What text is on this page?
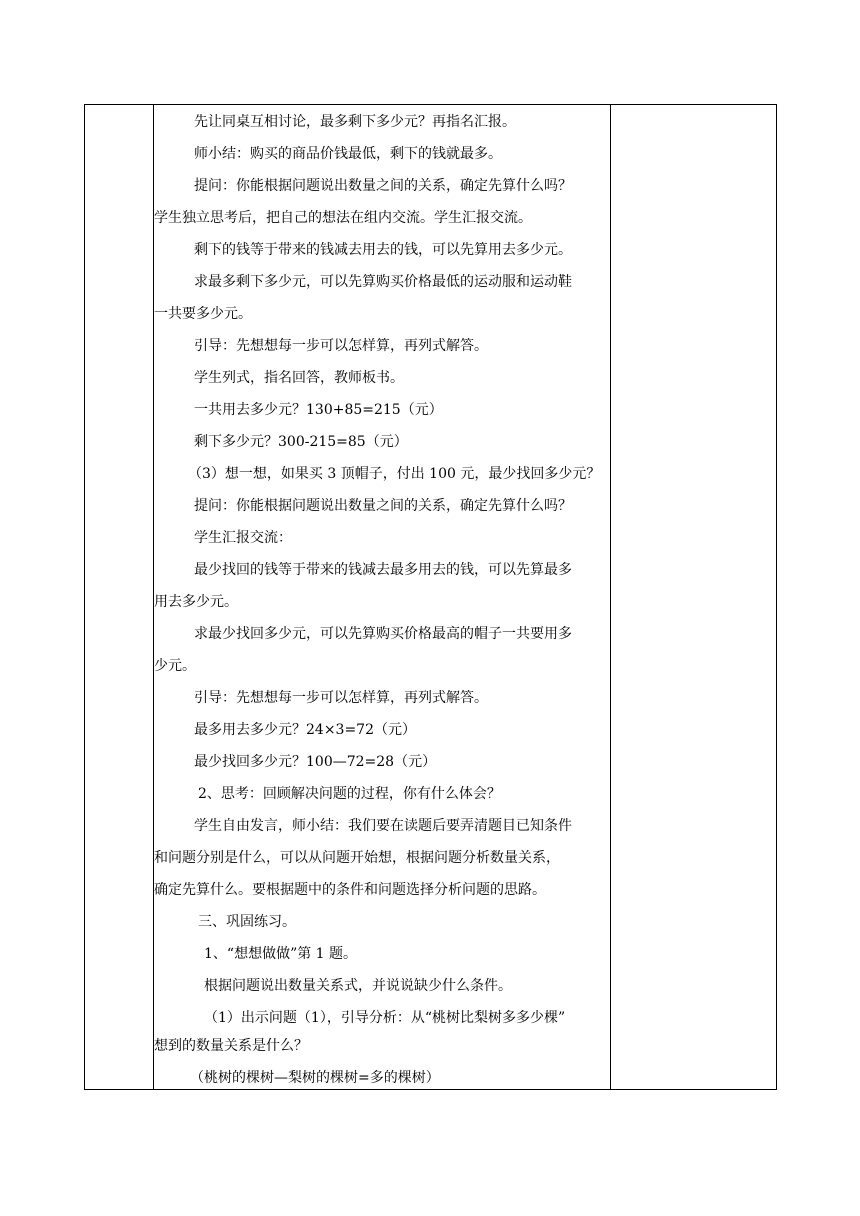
先让同桌互相讨论，最多剩下多少元？再指名汇报。
师小结：购买的商品价钱最低，剩下的钱就最多。
提问：你能根据问题说出数量之间的关系，确定先算什么吗？
学生独立思考后，把自己的想法在组内交流。学生汇报交流。
剩下的钱等于带来的钱减去用去的钱，可以先算用去多少元。
求最多剩下多少元，可以先算购买价格最低的运动服和运动鞋
一共要多少元。
引导：先想想每一步可以怎样算，再列式解答。
学生列式，指名回答，教师板书。
一共用去多少元？130+85=215（元）
剩下多少元？300-215=85（元）
（3）想一想，如果买 3 顶帽子，付出 100 元，最少找回多少元？
提问：你能根据问题说出数量之间的关系，确定先算什么吗？
学生汇报交流：
最少找回的钱等于带来的钱减去最多用去的钱，可以先算最多
用去多少元。
求最少找回多少元，可以先算购买价格最高的帽子一共要用多
少元。
引导：先想想每一步可以怎样算，再列式解答。
最多用去多少元？24×3=72（元）
最少找回多少元？100—72=28（元）
2、思考：回顾解决问题的过程，你有什么体会？
学生自由发言，师小结：我们要在读题后要弄清题目已知条件
和问题分别是什么，可以从问题开始想，根据问题分析数量关系，
确定先算什么。要根据题中的条件和问题选择分析问题的思路。
三、巩固练习。
1、“想想做做”第 1 题。
根据问题说出数量关系式，并说说缺少什么条件。
（1）出示问题（1），引导分析：从“桃树比梨树多多少棵”
想到的数量关系是什么？
（桃树的棵树—梨树的棵树=多的棵树）
